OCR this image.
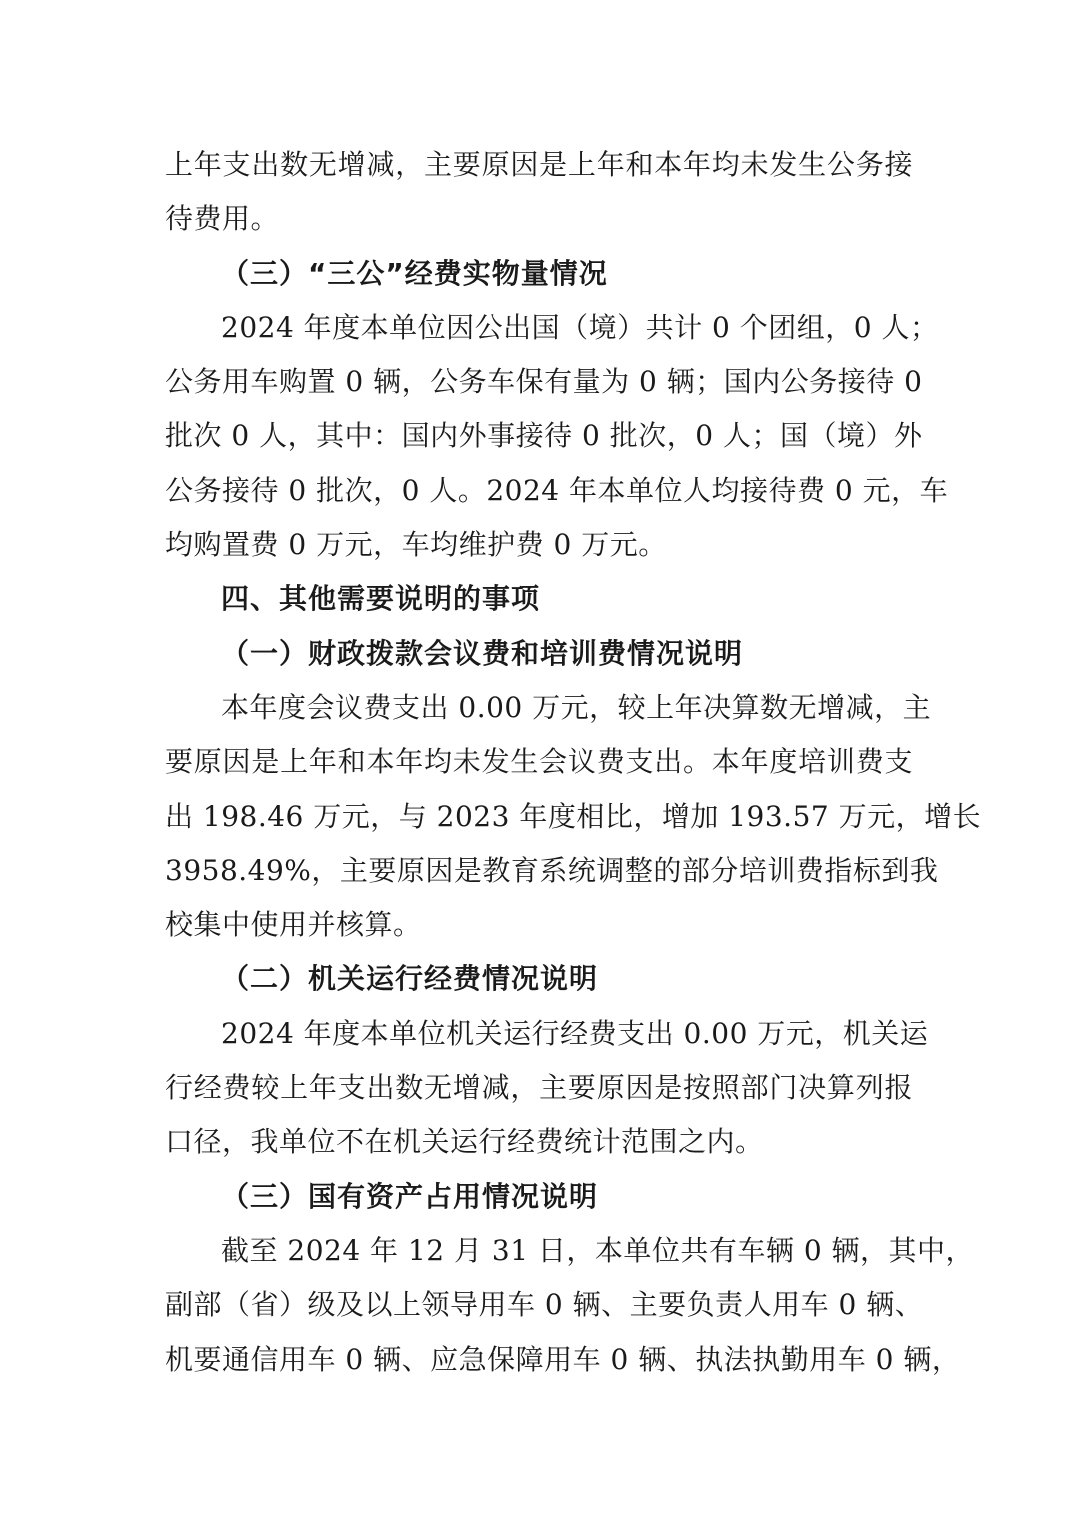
上年支出数无增减，主要原因是上年和本年均未发生公务接
待费用。
（三）“三公”经费实物量情况
2024 年度本单位因公出国（境）共计 0 个团组，0 人；
公务用车购置 0 辆，公务车保有量为 0 辆；国内公务接待 0
批次 0 人，其中：国内外事接待 0 批次，0 人；国（境）外
公务接待 0 批次，0 人。2024 年本单位人均接待费 0 元，车
均购置费 0 万元，车均维护费 0 万元。
四、其他需要说明的事项
（一）财政拨款会议费和培训费情况说明
本年度会议费支出 0.00 万元，较上年决算数无增减，主
要原因是上年和本年均未发生会议费支出。本年度培训费支
出 198.46 万元，与 2023 年度相比，增加 193.57 万元，增长
3958.49%，主要原因是教育系统调整的部分培训费指标到我
校集中使用并核算。
（二）机关运行经费情况说明
2024 年度本单位机关运行经费支出 0.00 万元，机关运
行经费较上年支出数无增减，主要原因是按照部门决算列报
口径，我单位不在机关运行经费统计范围之内。
（三）国有资产占用情况说明
截至 2024 年 12 月 31 日，本单位共有车辆 0 辆，其中，
副部（省）级及以上领导用车 0 辆、主要负责人用车 0 辆、
机要通信用车 0 辆、应急保障用车 0 辆、执法执勤用车 0 辆，
